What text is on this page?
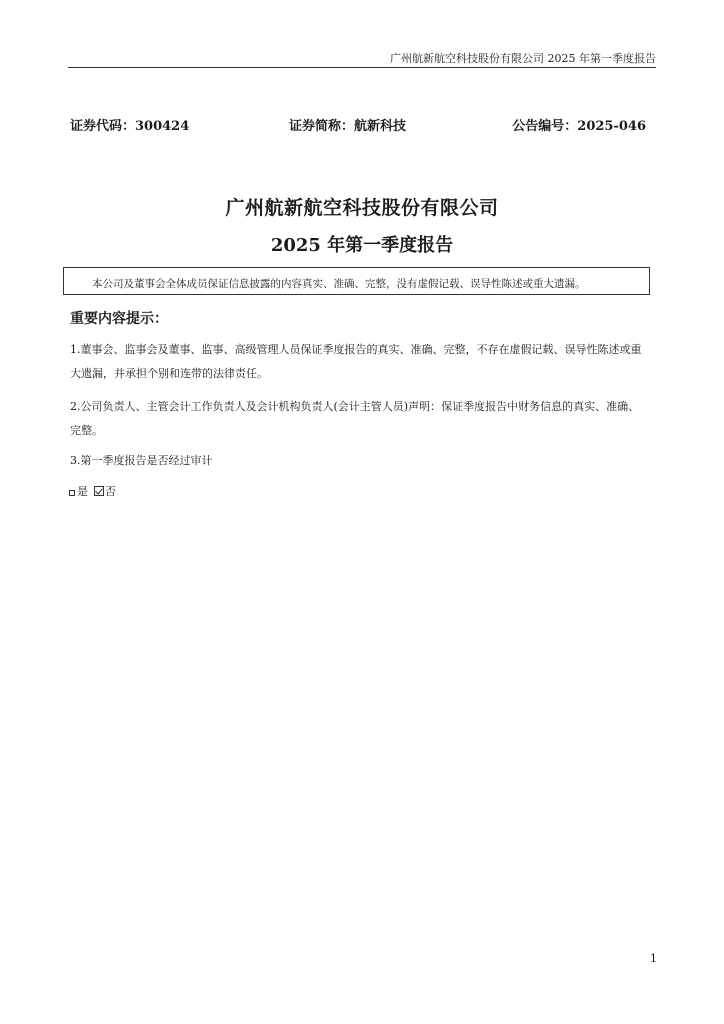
广州航新航空科技股份有限公司 2025 年第一季度报告
证券代码：300424	证券简称：航新科技	公告编号：2025-046
广州航新航空科技股份有限公司
2025 年第一季度报告
本公司及董事会全体成员保证信息披露的内容真实、准确、完整，没有虚假记载、误导性陈述或重大遗漏。
重要内容提示：
1.董事会、监事会及董事、监事、高级管理人员保证季度报告的真实、准确、完整，不存在虚假记载、误导性陈述或重大遗漏，并承担个别和连带的法律责任。
2.公司负责人、主管会计工作负责人及会计机构负责人(会计主管人员)声明：保证季度报告中财务信息的真实、准确、完整。
3.第一季度报告是否经过审计
是 否
1
